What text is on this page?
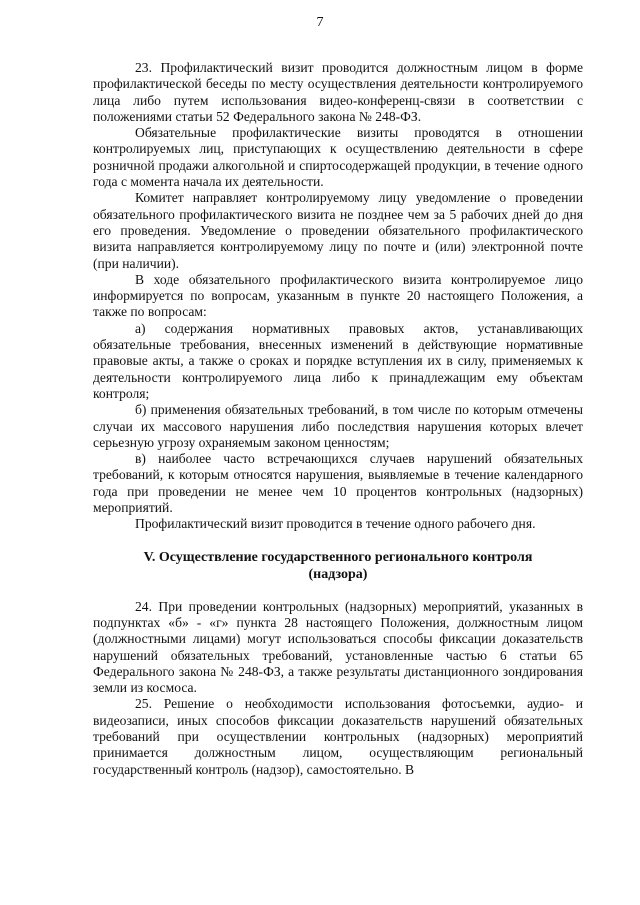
7

23. Профилактический визит проводится должностным лицом в форме профилактической беседы по месту осуществления деятельности контролируемого лица либо путем использования видео-конференц-связи в соответствии с положениями статьи 52 Федерального закона № 248-ФЗ.

Обязательные профилактические визиты проводятся в отношении контролируемых лиц, приступающих к осуществлению деятельности в сфере розничной продажи алкогольной и спиртосодержащей продукции, в течение одного года с момента начала их деятельности.

Комитет направляет контролируемому лицу уведомление о проведении обязательного профилактического визита не позднее чем за 5 рабочих дней до дня его проведения. Уведомление о проведении обязательного профилактического визита направляется контролируемому лицу по почте и (или) электронной почте (при наличии).

В ходе обязательного профилактического визита контролируемое лицо информируется по вопросам, указанным в пункте 20 настоящего Положения, а также по вопросам:

а) содержания нормативных правовых актов, устанавливающих обязательные требования, внесенных изменений в действующие нормативные правовые акты, а также о сроках и порядке вступления их в силу, применяемых к деятельности контролируемого лица либо к принадлежащим ему объектам контроля;

б) применения обязательных требований, в том числе по которым отмечены случаи их массового нарушения либо последствия нарушения которых влечет серьезную угрозу охраняемым законом ценностям;

в) наиболее часто встречающихся случаев нарушений обязательных требований, к которым относятся нарушения, выявляемые в течение календарного года при проведении не менее чем 10 процентов контрольных (надзорных) мероприятий.

Профилактический визит проводится в течение одного рабочего дня.

V. Осуществление государственного регионального контроля
(надзора)

24. При проведении контрольных (надзорных) мероприятий, указанных в подпунктах «б» - «г» пункта 28 настоящего Положения, должностным лицом (должностными лицами) могут использоваться способы фиксации доказательств нарушений обязательных требований, установленные частью 6 статьи 65 Федерального закона № 248-ФЗ, а также результаты дистанционного зондирования земли из космоса.

25. Решение о необходимости использования фотосъемки, аудио- и видеозаписи, иных способов фиксации доказательств нарушений обязательных требований при осуществлении контрольных (надзорных) мероприятий принимается должностным лицом, осуществляющим региональный государственный контроль (надзор), самостоятельно. В
